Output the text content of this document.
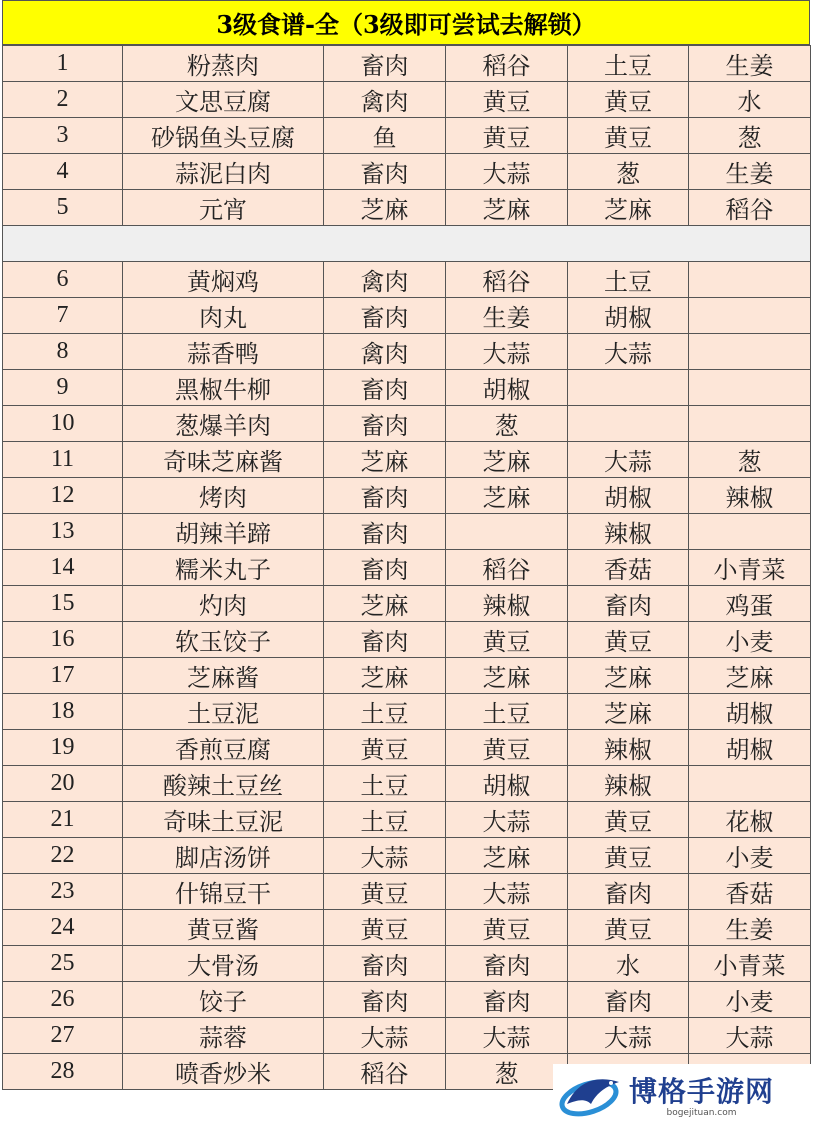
3级食谱-全（3级即可尝试去解锁）
1	粉蒸肉	畜肉	稻谷	土豆	生姜
2	文思豆腐	禽肉	黄豆	黄豆	水
3	砂锅鱼头豆腐	鱼	黄豆	黄豆	葱
4	蒜泥白肉	畜肉	大蒜	葱	生姜
5	元宵	芝麻	芝麻	芝麻	稻谷

6	黄焖鸡	禽肉	稻谷	土豆	
7	肉丸	畜肉	生姜	胡椒	
8	蒜香鸭	禽肉	大蒜	大蒜	
9	黑椒牛柳	畜肉	胡椒		
10	葱爆羊肉	畜肉	葱		
11	奇味芝麻酱	芝麻	芝麻	大蒜	葱
12	烤肉	畜肉	芝麻	胡椒	辣椒
13	胡辣羊蹄	畜肉		辣椒	
14	糯米丸子	畜肉	稻谷	香菇	小青菜
15	灼肉	芝麻	辣椒	畜肉	鸡蛋
16	软玉饺子	畜肉	黄豆	黄豆	小麦
17	芝麻酱	芝麻	芝麻	芝麻	芝麻
18	土豆泥	土豆	土豆	芝麻	胡椒
19	香煎豆腐	黄豆	黄豆	辣椒	胡椒
20	酸辣土豆丝	土豆	胡椒	辣椒	
21	奇味土豆泥	土豆	大蒜	黄豆	花椒
22	脚店汤饼	大蒜	芝麻	黄豆	小麦
23	什锦豆干	黄豆	大蒜	畜肉	香菇
24	黄豆酱	黄豆	黄豆	黄豆	生姜
25	大骨汤	畜肉	畜肉	水	小青菜
26	饺子	畜肉	畜肉	畜肉	小麦
27	蒜蓉	大蒜	大蒜	大蒜	大蒜
28	喷香炒米	稻谷	葱		
博格手游网
bogejituan.com
